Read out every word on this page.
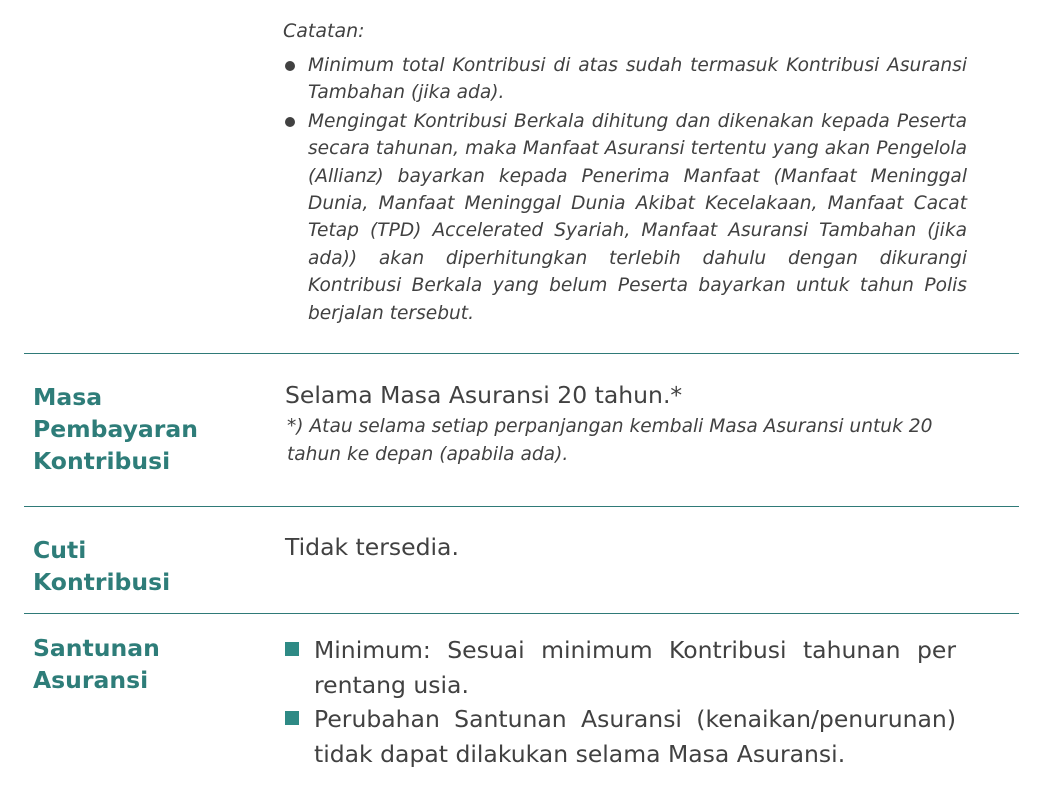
Catatan:
Minimum total Kontribusi di atas sudah termasuk Kontribusi Asuransi Tambahan (jika ada).
Mengingat Kontribusi Berkala dihitung dan dikenakan kepada Peserta secara tahunan, maka Manfaat Asuransi tertentu yang akan Pengelola (Allianz) bayarkan kepada Penerima Manfaat (Manfaat Meninggal Dunia, Manfaat Meninggal Dunia Akibat Kecelakaan, Manfaat Cacat Tetap (TPD) Accelerated Syariah, Manfaat Asuransi Tambahan (jika ada)) akan diperhitungkan terlebih dahulu dengan dikurangi Kontribusi Berkala yang belum Peserta bayarkan untuk tahun Polis berjalan tersebut.
Masa
Pembayaran
Kontribusi
Selama Masa Asuransi 20 tahun.*
*) Atau selama setiap perpanjangan kembali Masa Asuransi untuk 20 tahun ke depan (apabila ada).
Cuti
Kontribusi
Tidak tersedia.
Santunan
Asuransi
Minimum: Sesuai minimum Kontribusi tahunan per rentang usia.
Perubahan Santunan Asuransi (kenaikan/penurunan) tidak dapat dilakukan selama Masa Asuransi.
